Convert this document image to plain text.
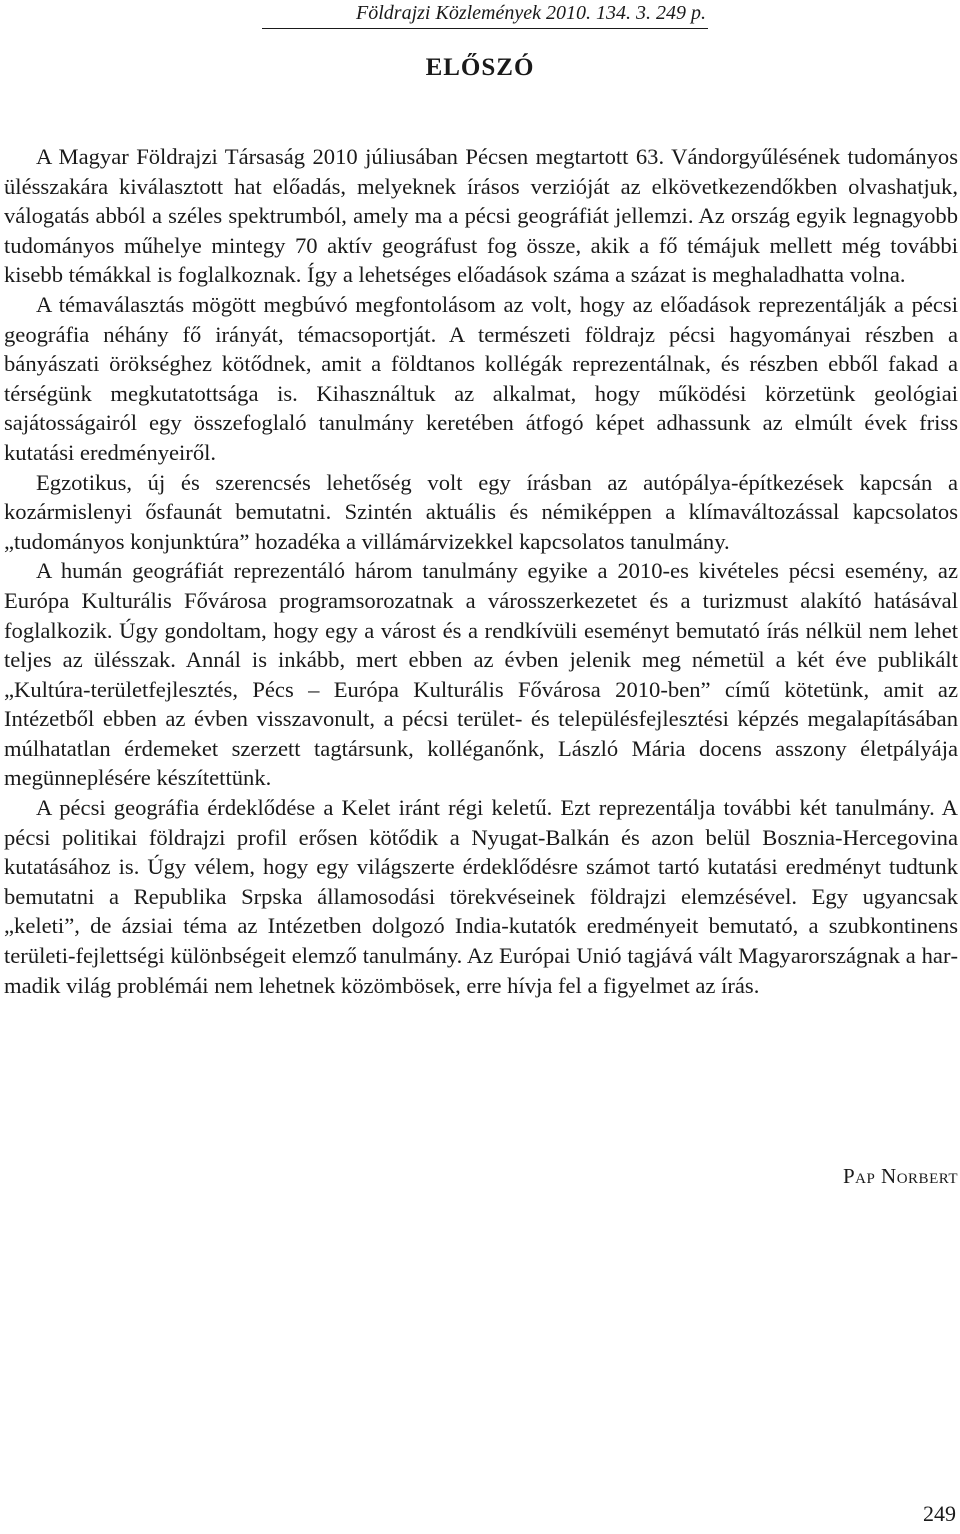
Földrajzi Közlemények 2010. 134. 3. 249 p.
ELŐSZÓ

A Magyar Földrajzi Társaság 2010 júliusában Pécsen megtartott 63. Vándorgyűlésének tudományos ülésszakára kiválasztott hat előadás, melyeknek írásos verzióját az elkövetkezendőkben olvashatjuk, válogatás abból a széles spektrumból, amely ma a pécsi geográfiát jellemzi. Az ország egyik legnagyobb tudományos műhelye mintegy 70 aktív geográfust fog össze, akik a fő témájuk mellett még további kisebb témákkal is foglalkoznak. Így a lehetséges előadások száma a százat is meghaladhatta volna.

A témaválasztás mögött megbúvó megfontolásom az volt, hogy az előadások reprezentálják a pécsi geográfia néhány fő irányát, témacsoportját. A természeti földrajz pécsi hagyományai részben a bányászati örökséghez kötődnek, amit a földtanos kollégák reprezentálnak, és részben ebből fakad a térségünk megkutatottsága is. Kihasználtuk az alkalmat, hogy működési körzetünk geológiai sajátosságairól egy összefoglaló tanulmány keretében átfogó képet adhassunk az elmúlt évek friss kutatási eredményeiről.

Egzotikus, új és szerencsés lehetőség volt egy írásban az autópálya-építkezések kapcsán a kozármislenyi ősfaunát bemutatni. Szintén aktuális és némiképpen a klímaváltozással kapcsolatos „tudományos konjunktúra” hozadéka a villámárvizekkel kapcsolatos tanulmány.

A humán geográfiát reprezentáló három tanulmány egyike a 2010-es kivételes pécsi esemény, az Európa Kulturális Fővárosa programsorozatnak a városszerkezetet és a turizmust alakító hatásával foglalkozik. Úgy gondoltam, hogy egy a várost és a rendkívüli eseményt bemutató írás nélkül nem lehet teljes az ülésszak. Annál is inkább, mert ebben az évben jelenik meg németül a két éve publikált „Kultúra-területfejlesztés, Pécs – Európa Kulturális Fővárosa 2010-ben” című kötetünk, amit az Intézetből ebben az évben visszavonult, a pécsi terület- és településfejlesztési képzés megalapításában múlhatatlan érdemeket szerzett tagtársunk, kolléganőnk, László Mária docens asszony életpályája megünneplésére készítettünk.

A pécsi geográfia érdeklődése a Kelet iránt régi keletű. Ezt reprezentálja további két tanulmány. A pécsi politikai földrajzi profil erősen kötődik a Nyugat-Balkán és azon belül Bosznia-Hercegovina kutatásához is. Úgy vélem, hogy egy világszerte érdeklődésre számot tartó kutatási eredményt tudtunk bemutatni a Republika Srpska államosodási törekvéseinek földrajzi elemzésével. Egy ugyancsak „keleti”, de ázsiai téma az Intézetben dolgozó India-kutatók eredményeit bemutató, a szubkontinens területi-fejlettségi különbségeit elemző tanulmány. Az Európai Unió tagjává vált Magyarországnak a harmadik világ problémái nem lehetnek közömbösek, erre hívja fel a figyelmet az írás.

Pap Norbert
249
